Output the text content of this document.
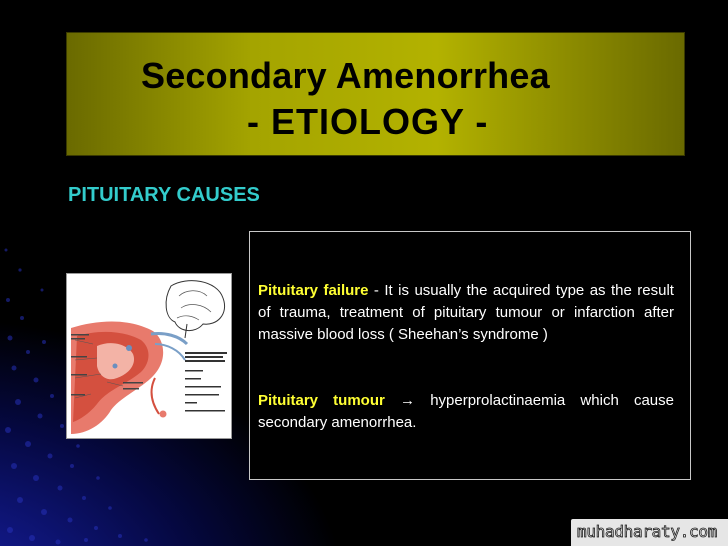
Secondary Amenorrhea
- ETIOLOGY -
PITUITARY CAUSES
Pituitary failure - It is usually the acquired type as the result of trauma, treatment of pituitary tumour or infarction after massive blood loss ( Sheehan’s syndrome )
Pituitary tumour → hyperprolactinaemia which cause secondary amenorrhea.
muhadharaty.com
